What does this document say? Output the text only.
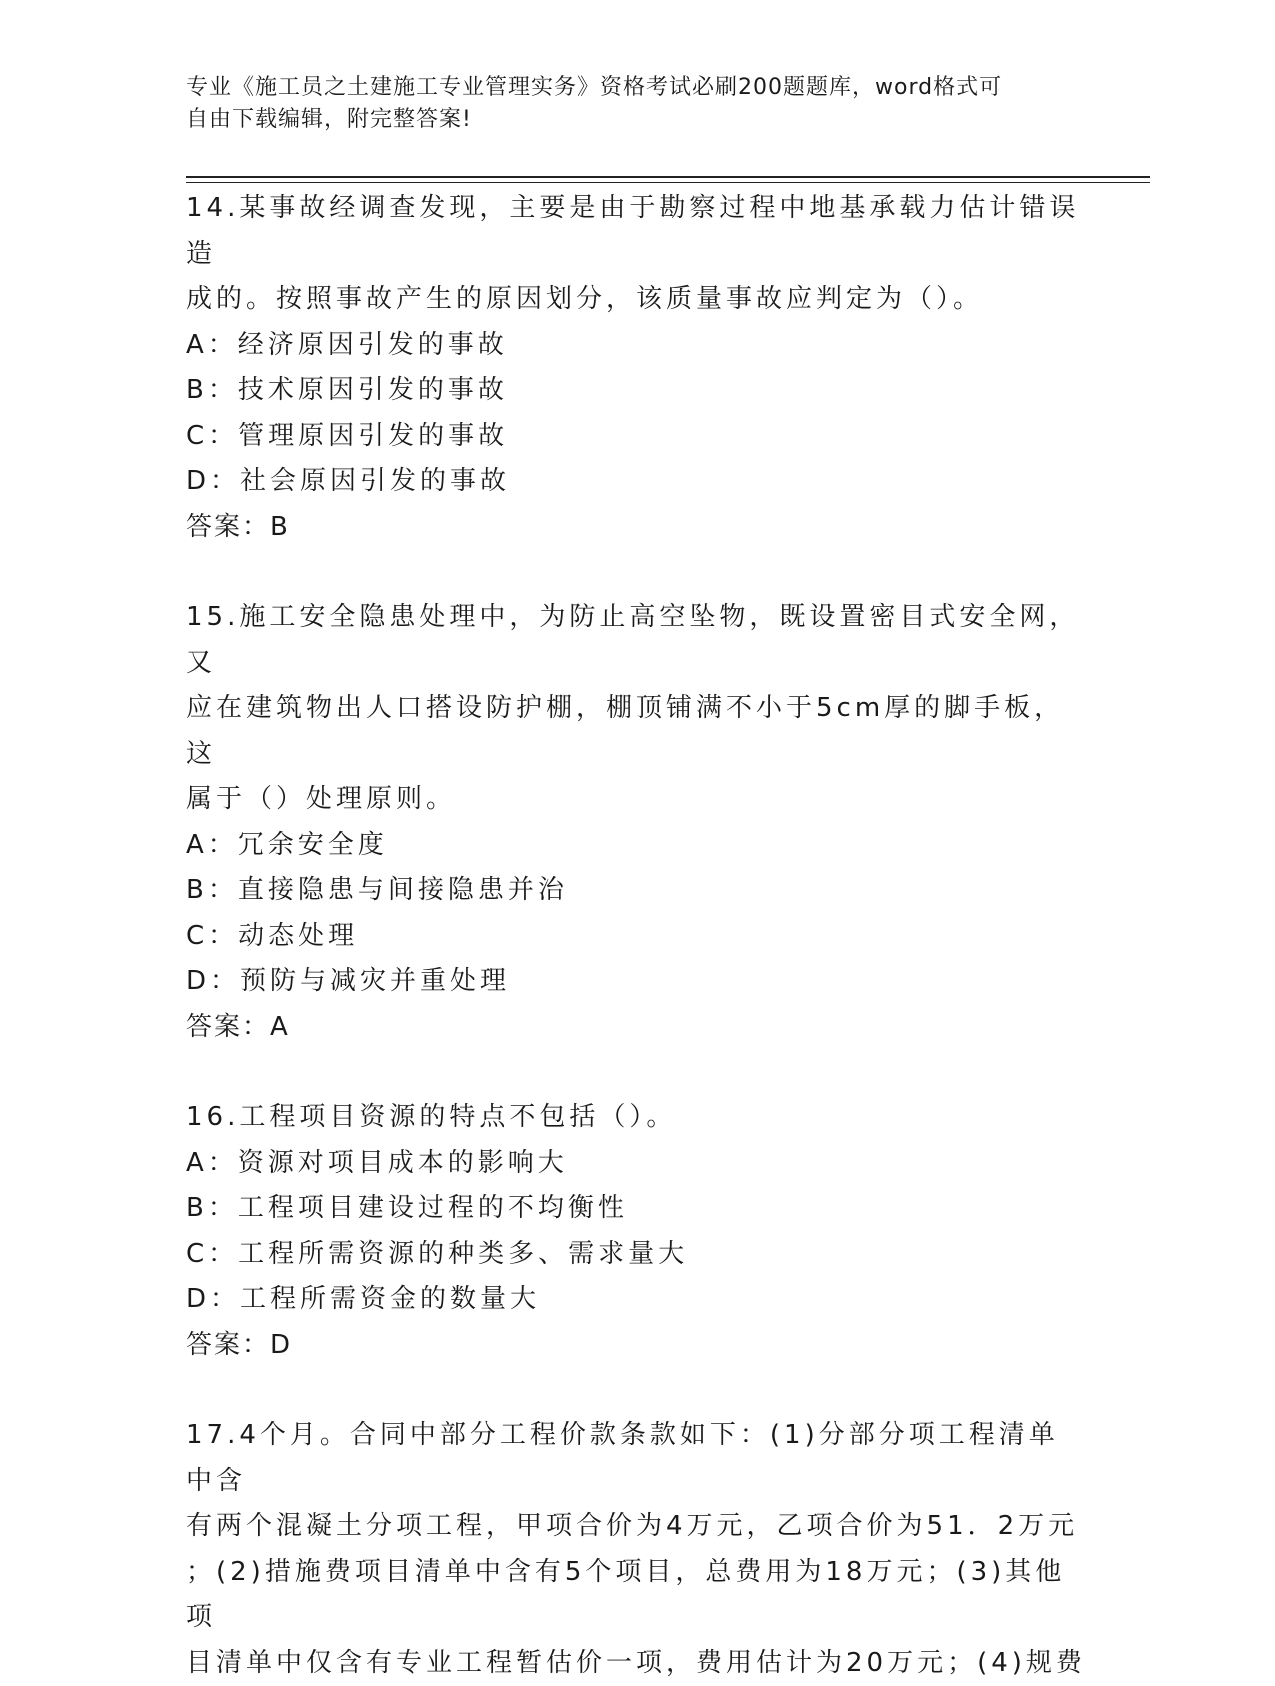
专业《施工员之土建施工专业管理实务》资格考试必刷200题题库，word格式可
自由下载编辑，附完整答案!

14.某事故经调查发现，主要是由于勘察过程中地基承载力估计错误造

成的。按照事故产生的原因划分，该质量事故应判定为（）。

A：经济原因引发的事故

B：技术原因引发的事故

C：管理原因引发的事故

D：社会原因引发的事故

答案：B

15.施工安全隐患处理中，为防止高空坠物，既设置密目式安全网，又

应在建筑物出人口搭设防护棚，棚顶铺满不小于5cm厚的脚手板，这

属于（）处理原则。

A：冗余安全度

B：直接隐患与间接隐患并治

C：动态处理

D：预防与减灾并重处理

答案：A

16.工程项目资源的特点不包括（）。

A：资源对项目成本的影响大

B：工程项目建设过程的不均衡性

C：工程所需资源的种类多、需求量大

D：工程所需资金的数量大

答案：D

17.4个月。合同中部分工程价款条款如下：(1)分部分项工程清单中含

有两个混凝土分项工程，甲项合价为4万元，乙项合价为51．2万元

；(2)措施费项目清单中含有5个项目，总费用为18万元；(3)其他项

目清单中仅含有专业工程暂估价一项，费用估计为20万元；(4)规费
